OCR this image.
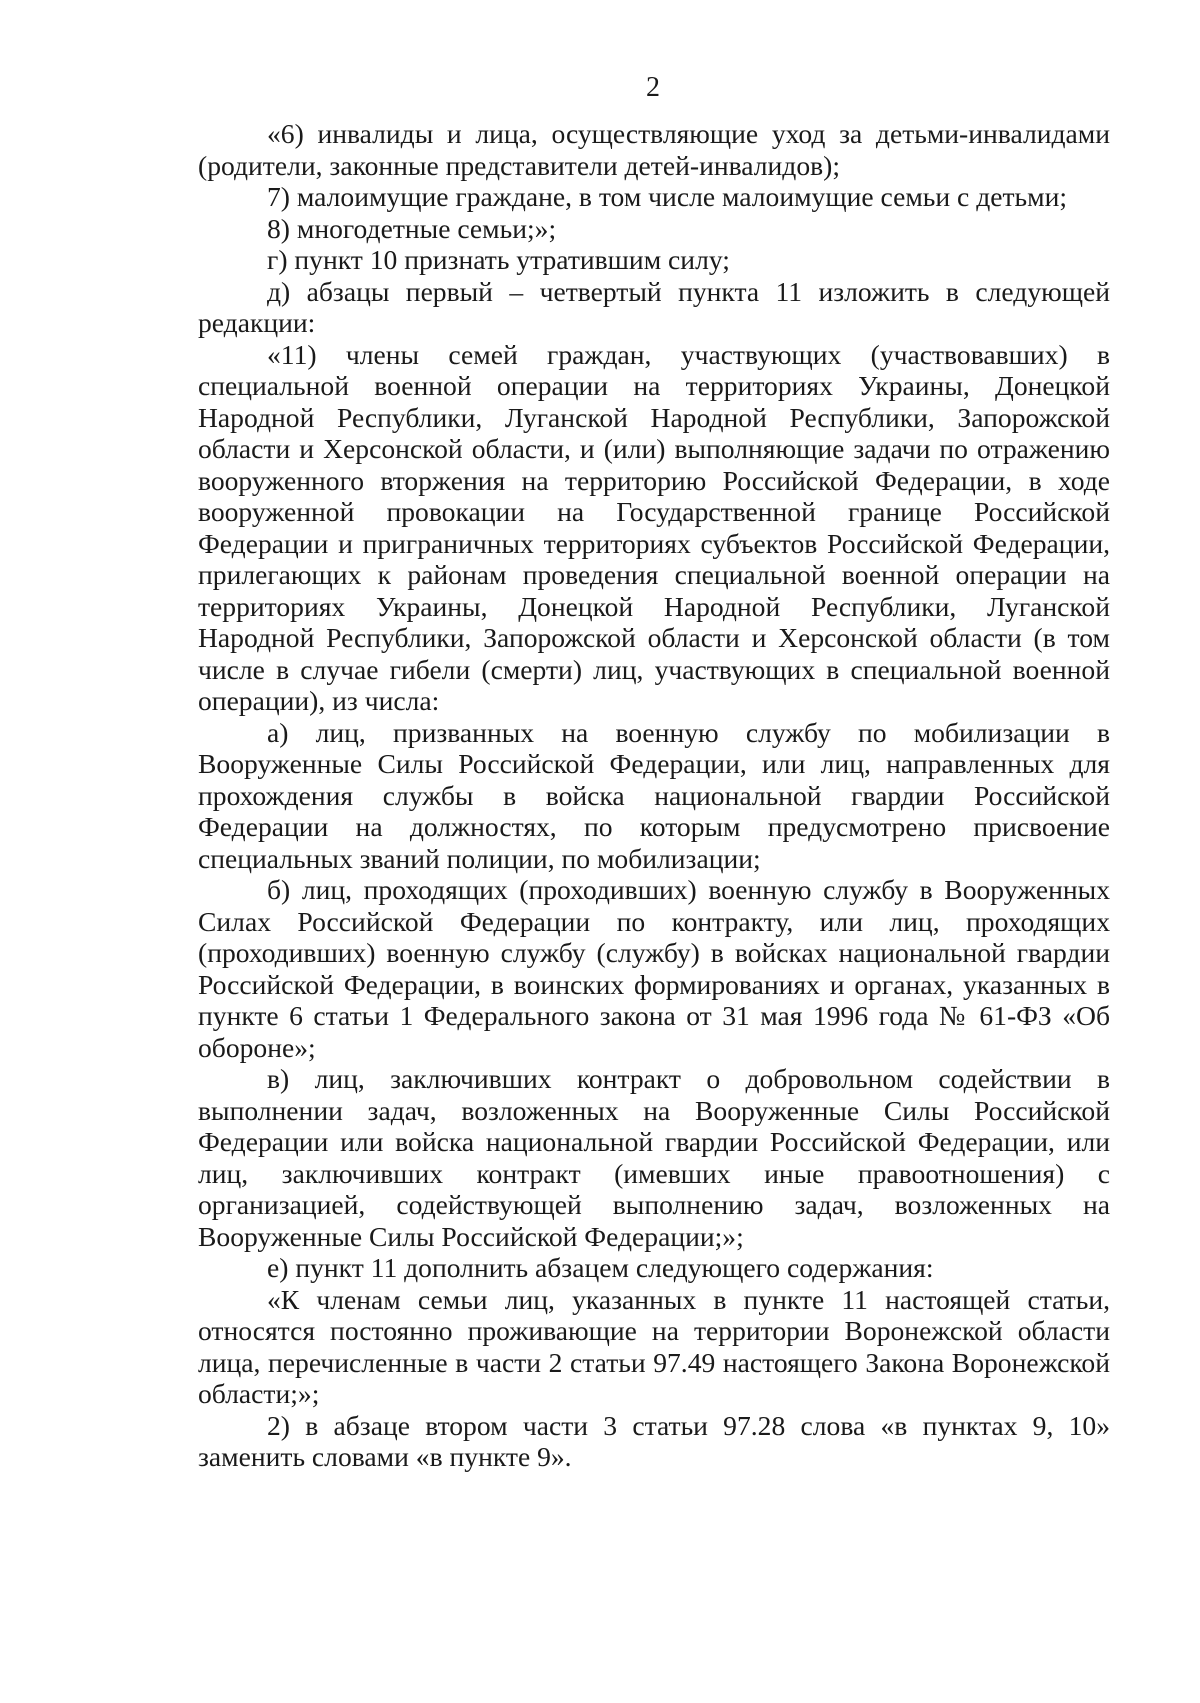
2

«6) инвалиды и лица, осуществляющие уход за детьми-инвалидами (родители, законные представители детей-инвалидов);

7) малоимущие граждане, в том числе малоимущие семьи с детьми;

8) многодетные семьи;»;

г) пункт 10 признать утратившим силу;

д) абзацы первый – четвертый пункта 11 изложить в следующей редакции:

«11) члены семей граждан, участвующих (участвовавших) в специальной военной операции на территориях Украины, Донецкой Народной Республики, Луганской Народной Республики, Запорожской области и Херсонской области, и (или) выполняющие задачи по отражению вооруженного вторжения на территорию Российской Федерации, в ходе вооруженной провокации на Государственной границе Российской Федерации и приграничных территориях субъектов Российской Федерации, прилегающих к районам проведения специальной военной операции на территориях Украины, Донецкой Народной Республики, Луганской Народной Республики, Запорожской области и Херсонской области (в том числе в случае гибели (смерти) лиц, участвующих в специальной военной операции), из числа:

а) лиц, призванных на военную службу по мобилизации в Вооруженные Силы Российской Федерации, или лиц, направленных для прохождения службы в войска национальной гвардии Российской Федерации на должностях, по которым предусмотрено присвоение специальных званий полиции, по мобилизации;

б) лиц, проходящих (проходивших) военную службу в Вооруженных Силах Российской Федерации по контракту, или лиц, проходящих (проходивших) военную службу (службу) в войсках национальной гвардии Российской Федерации, в воинских формированиях и органах, указанных в пункте 6 статьи 1 Федерального закона от 31 мая 1996 года № 61-ФЗ «Об обороне»;

в) лиц, заключивших контракт о добровольном содействии в выполнении задач, возложенных на Вооруженные Силы Российской Федерации или войска национальной гвардии Российской Федерации, или лиц, заключивших контракт (имевших иные правоотношения) с организацией, содействующей выполнению задач, возложенных на Вооруженные Силы Российской Федерации;»;

е) пункт 11 дополнить абзацем следующего содержания:

«К членам семьи лиц, указанных в пункте 11 настоящей статьи, относятся постоянно проживающие на территории Воронежской области лица, перечисленные в части 2 статьи 97.49 настоящего Закона Воронежской области;»;

2) в абзаце втором части 3 статьи 97.28 слова «в пунктах 9, 10» заменить словами «в пункте 9».
